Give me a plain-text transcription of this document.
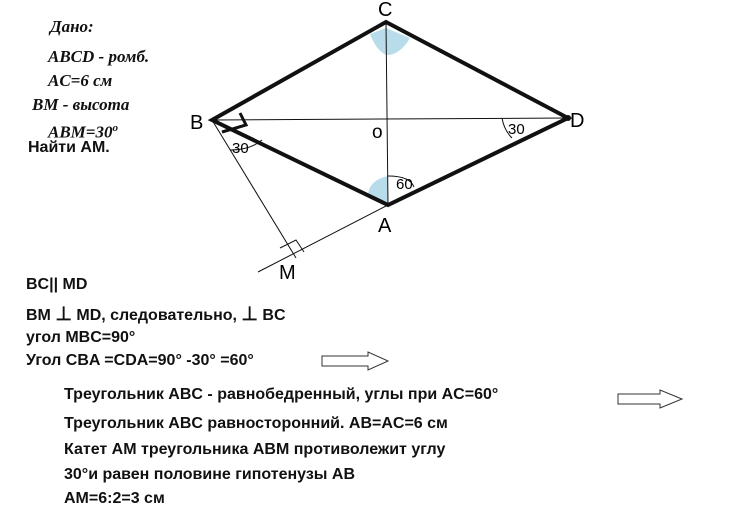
Дано:
ABCD - ромб.
AC=6 см
BM - высота
$ABM=30^o$
Найти AM.
C
B	D
o
A
M
30
30
60
BC|| MD
BM ⊥ MD, следовательно, ⊥ BC
угол MBC=90°
Угол CBA =CDA=90° -30° =60°
Треугольник ABC - равнобедренный, углы при AC=60°
Треугольник ABC равносторонний. AB=AC=6 см
Катет AM треугольника ABM противолежит углу
30°и равен половине гипотенузы AB
AM=6:2=3 см
